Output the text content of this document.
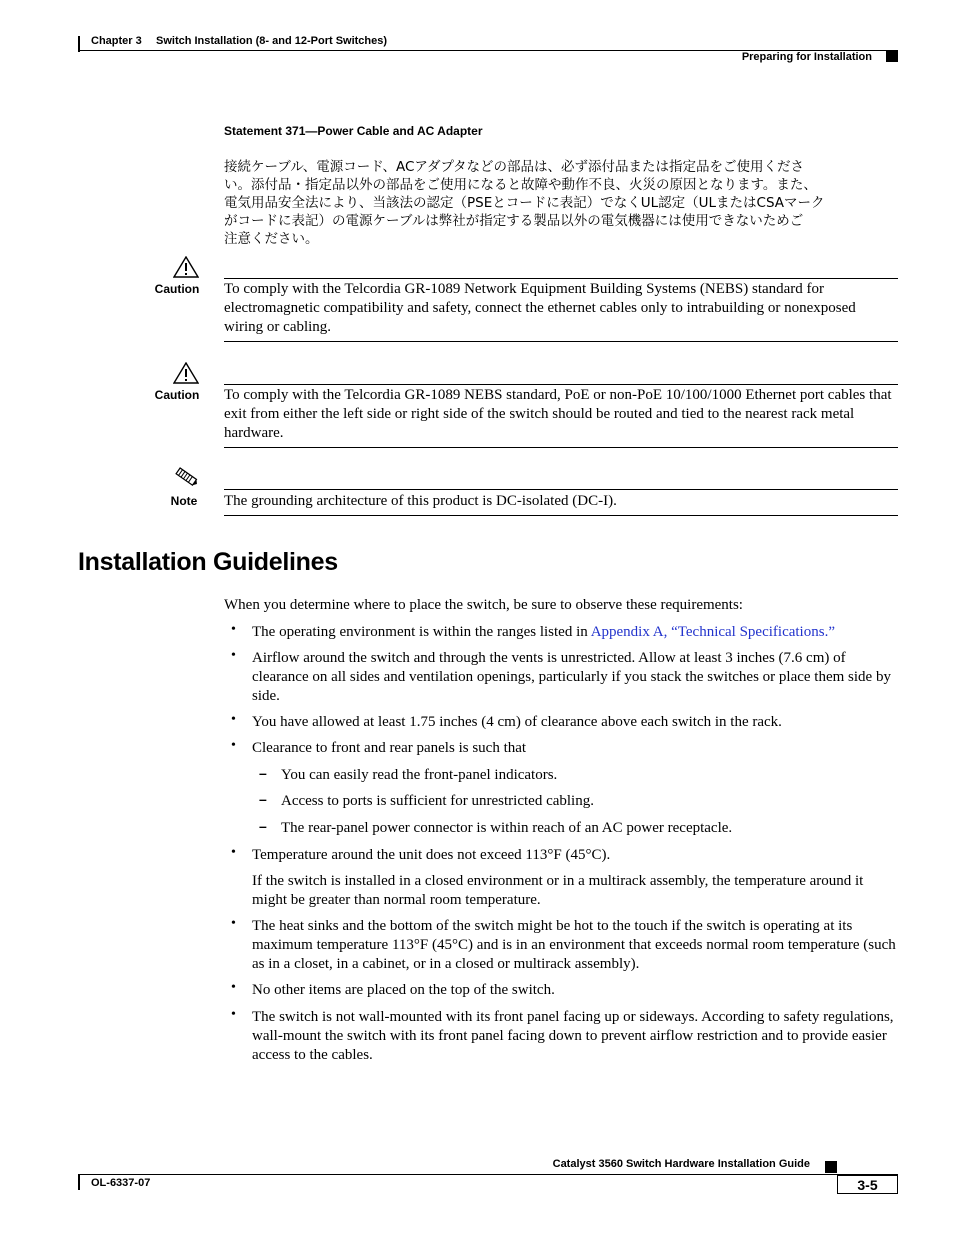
Chapter 3 Switch Installation (8- and 12-Port Switches)
Preparing for Installation
Statement 371—Power Cable and AC Adapter
接続ケーブル、電源コード、ACアダプタなどの部品は、必ず添付品または指定品をご使用くださ
い。添付品・指定品以外の部品をご使用になると故障や動作不良、火災の原因となります。また、
電気用品安全法により、当該法の認定（PSEとコードに表記）でなくUL認定（ULまたはCSAマーク
がコードに表記）の電源ケーブルは弊社が指定する製品以外の電気機器には使用できないためご
注意ください。
Caution	To comply with the Telcordia GR-1089 Network Equipment Building Systems (NEBS) standard for electromagnetic compatibility and safety, connect the ethernet cables only to intrabuilding or nonexposed wiring or cabling.
Caution	To comply with the Telcordia GR-1089 NEBS standard, PoE or non-PoE 10/100/1000 Ethernet port cables that exit from either the left side or right side of the switch should be routed and tied to the nearest rack metal hardware.
Note	The grounding architecture of this product is DC-isolated (DC-I).
Installation Guidelines
When you determine where to place the switch, be sure to observe these requirements:
• The operating environment is within the ranges listed in Appendix A, “Technical Specifications.”
• Airflow around the switch and through the vents is unrestricted. Allow at least 3 inches (7.6 cm) of clearance on all sides and ventilation openings, particularly if you stack the switches or place them side by side.
• You have allowed at least 1.75 inches (4 cm) of clearance above each switch in the rack.
• Clearance to front and rear panels is such that
– You can easily read the front-panel indicators.
– Access to ports is sufficient for unrestricted cabling.
– The rear-panel power connector is within reach of an AC power receptacle.
• Temperature around the unit does not exceed 113°F (45°C).
If the switch is installed in a closed environment or in a multirack assembly, the temperature around it might be greater than normal room temperature.
• The heat sinks and the bottom of the switch might be hot to the touch if the switch is operating at its maximum temperature 113°F (45°C) and is in an environment that exceeds normal room temperature (such as in a closet, in a cabinet, or in a closed or multirack assembly).
• No other items are placed on the top of the switch.
• The switch is not wall-mounted with its front panel facing up or sideways. According to safety regulations, wall-mount the switch with its front panel facing down to prevent airflow restriction and to provide easier access to the cables.
Catalyst 3560 Switch Hardware Installation Guide
OL-6337-07	3-5
